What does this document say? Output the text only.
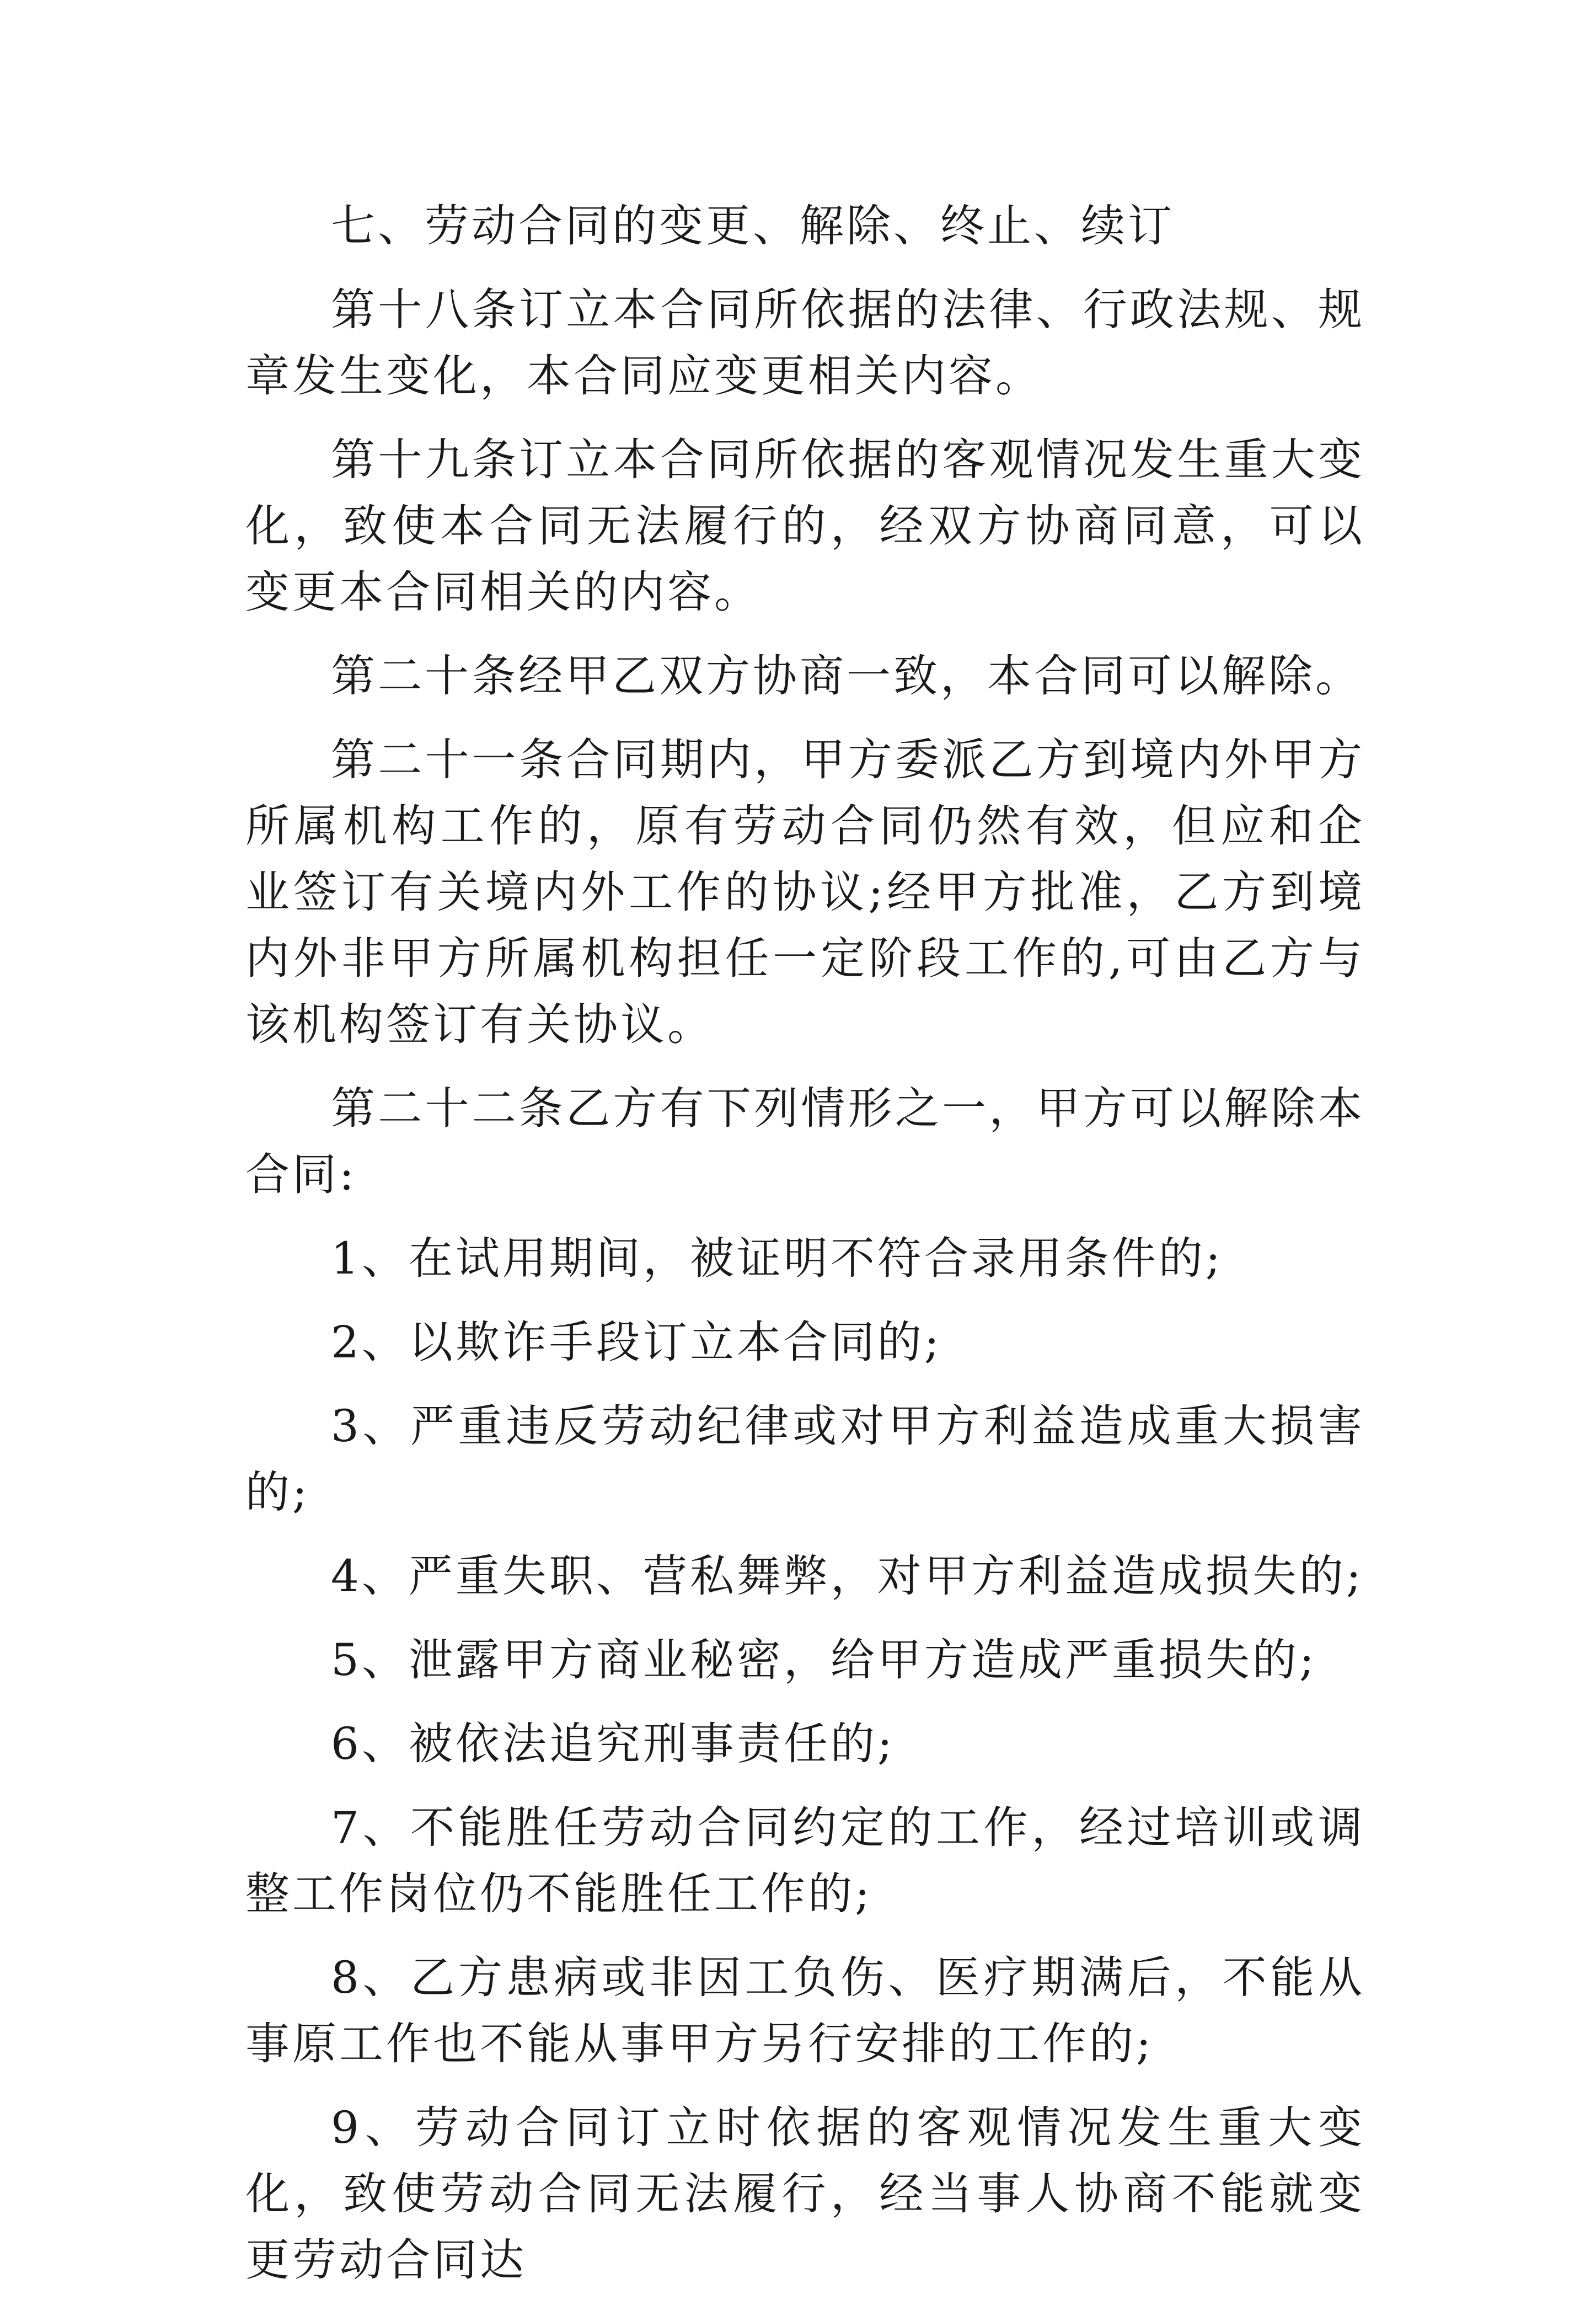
七、劳动合同的变更、解除、终止、续订

第十八条订立本合同所依据的法律、行政法规、规章发生变化，本合同应变更相关内容。

第十九条订立本合同所依据的客观情况发生重大变化，致使本合同无法履行的，经双方协商同意，可以变更本合同相关的内容。

第二十条经甲乙双方协商一致，本合同可以解除。

第二十一条合同期内，甲方委派乙方到境内外甲方所属机构工作的，原有劳动合同仍然有效，但应和企业签订有关境内外工作的协议;经甲方批准，乙方到境内外非甲方所属机构担任一定阶段工作的,可由乙方与该机构签订有关协议。

第二十二条乙方有下列情形之一，甲方可以解除本合同:

1、在试用期间，被证明不符合录用条件的;

2、以欺诈手段订立本合同的;

3、严重违反劳动纪律或对甲方利益造成重大损害的;

4、严重失职、营私舞弊，对甲方利益造成损失的;

5、泄露甲方商业秘密，给甲方造成严重损失的;

6、被依法追究刑事责任的;

7、不能胜任劳动合同约定的工作，经过培训或调整工作岗位仍不能胜任工作的;

8、乙方患病或非因工负伤、医疗期满后，不能从事原工作也不能从事甲方另行安排的工作的;

9、劳动合同订立时依据的客观情况发生重大变化，致使劳动合同无法履行，经当事人协商不能就变更劳动合同达
